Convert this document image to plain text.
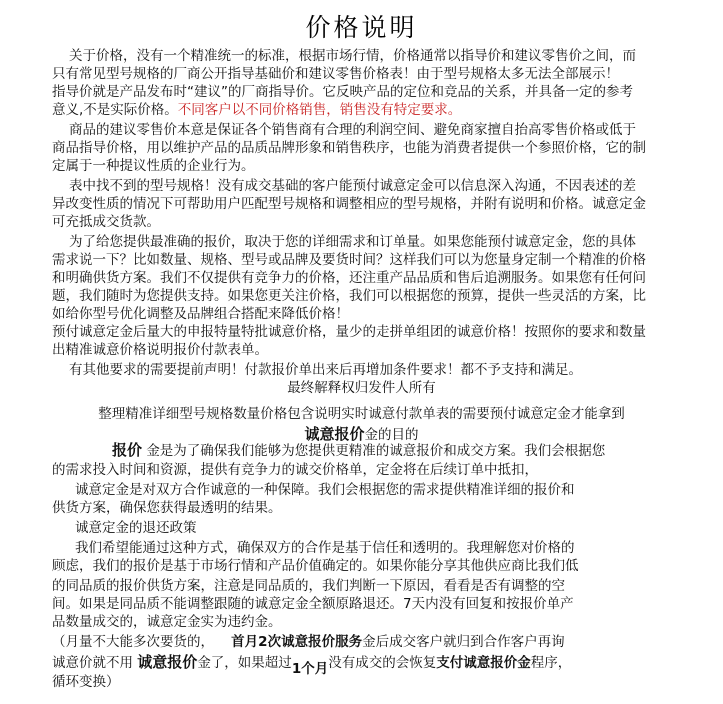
价格说明
关于价格，没有一个精准统一的标准，根据市场行情，价格通常以指导价和建议零售价之间，而
只有常见型号规格的厂商公开指导基础价和建议零售价格表！由于型号规格太多无法全部展示！
指导价就是产品发布时“建议”的厂商指导价。它反映产品的定位和竞品的关系，并具备一定的参考
意义,不是实际价格。不同客户以不同价格销售，销售没有特定要求。
商品的建议零售价本意是保证各个销售商有合理的利润空间、避免商家擅自抬高零售价格或低于
商品指导价格，用以维护产品的品质品牌形象和销售秩序，也能为消费者提供一个参照价格，它的制
定属于一种提议性质的企业行为。
表中找不到的型号规格！没有成交基础的客户能预付诚意定金可以信息深入沟通，不因表述的差
异改变性质的情况下可帮助用户匹配型号规格和调整相应的型号规格，并附有说明和价格。诚意定金
可充抵成交货款。
为了给您提供最准确的报价，取决于您的详细需求和订单量。如果您能预付诚意定金，您的具体
需求说一下？比如数量、规格、型号或品牌及要货时间？这样我们可以为您量身定制一个精准的价格
和明确供货方案。我们不仅提供有竞争力的价格，还注重产品品质和售后追溯服务。如果您有任何问
题，我们随时为您提供支持。如果您更关注价格，我们可以根据您的预算，提供一些灵活的方案，比
如给你型号优化调整及品牌组合搭配来降低价格！
预付诚意定金后量大的申报特量特批诚意价格，量少的走拼单组团的诚意价格！按照你的要求和数量
出精准诚意价格说明报价付款表单。
有其他要求的需要提前声明！付款报价单出来后再增加条件要求！都不予支持和满足。
最终解释权归发件人所有
整理精准详细型号规格数量价格包含说明实时诚意付款单表的需要预付诚意定金才能拿到
诚意报价金的目的
报价 金是为了确保我们能够为您提供更精准的诚意报价和成交方案。我们会根据您
的需求投入时间和资源，提供有竞争力的诚交价格单，定金将在后续订单中抵扣，
诚意定金是对双方合作诚意的一种保障。我们会根据您的需求提供精准详细的报价和
供货方案，确保您获得最透明的结果。
诚意定金的退还政策
我们希望能通过这种方式，确保双方的合作是基于信任和透明的。我理解您对价格的
顾虑，我们的报价是基于市场行情和产品价值确定的。如果你能分享其他供应商比我们低
的同品质的报价供货方案，注意是同品质的，我们判断一下原因，看看是否有调整的空
间。如果是同品质不能调整跟随的诚意定金全额原路退还。7天内没有回复和按报价单产
品数量成交的，诚意定金实为违约金。
（月量不大能多次要货的， 首月2次诚意报价服务金后成交客户就归到合作客户再询
诚意价就不用 诚意报价金了，如果超过1个月没有成交的会恢复支付诚意报价金程序，
循环变换）
